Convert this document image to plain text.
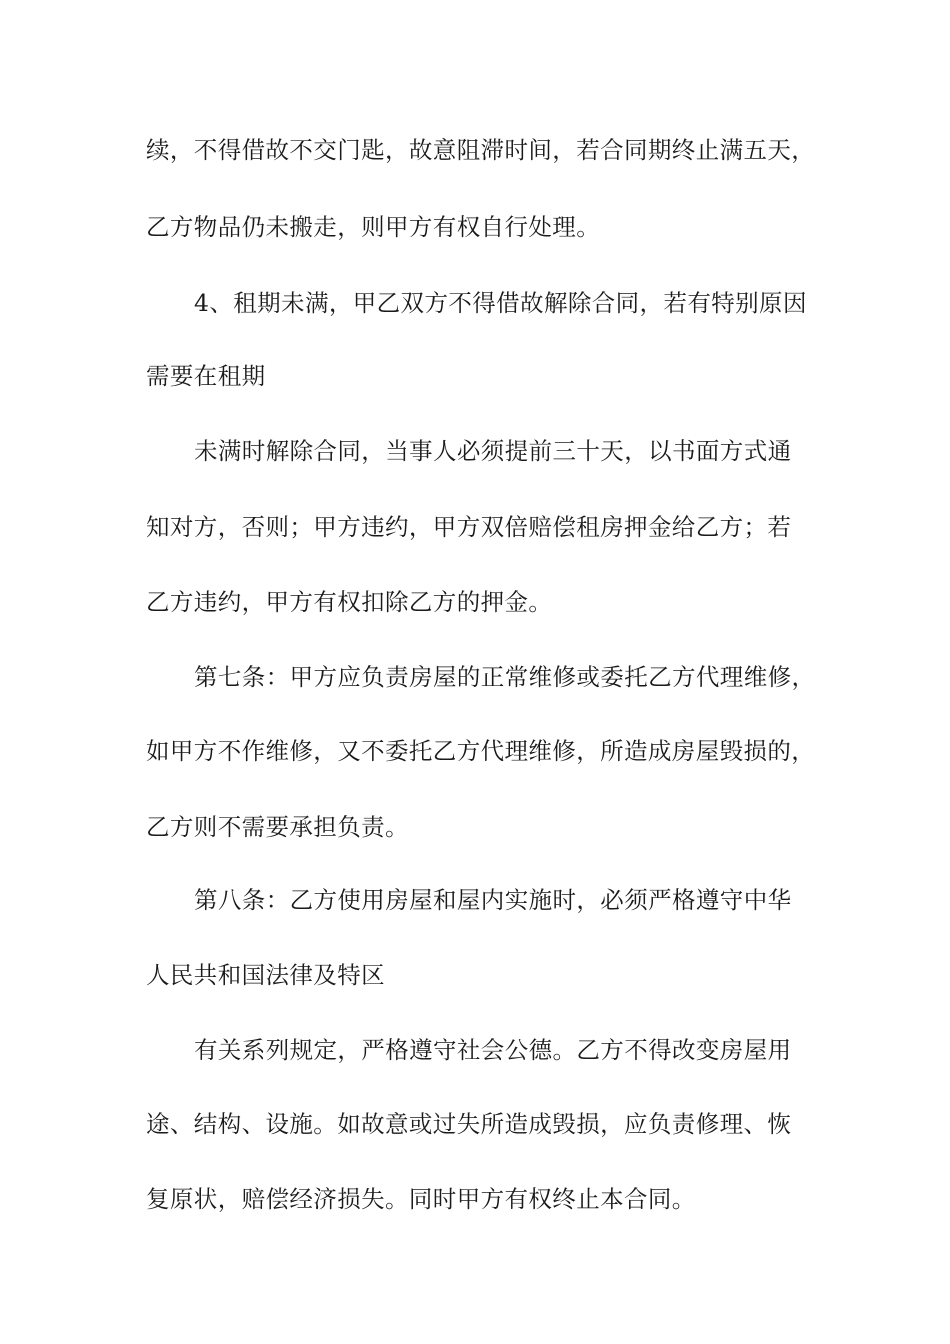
续，不得借故不交门匙，故意阻滞时间，若合同期终止满五天，
乙方物品仍未搬走，则甲方有权自行处理。
4、租期未满，甲乙双方不得借故解除合同，若有特别原因
需要在租期
未满时解除合同，当事人必须提前三十天，以书面方式通
知对方，否则；甲方违约，甲方双倍赔偿租房押金给乙方；若
乙方违约，甲方有权扣除乙方的押金。
第七条：甲方应负责房屋的正常维修或委托乙方代理维修，
如甲方不作维修，又不委托乙方代理维修，所造成房屋毁损的，
乙方则不需要承担负责。
第八条：乙方使用房屋和屋内实施时，必须严格遵守中华
人民共和国法律及特区
有关系列规定，严格遵守社会公德。乙方不得改变房屋用
途、结构、设施。如故意或过失所造成毁损，应负责修理、恢
复原状，赔偿经济损失。同时甲方有权终止本合同。
